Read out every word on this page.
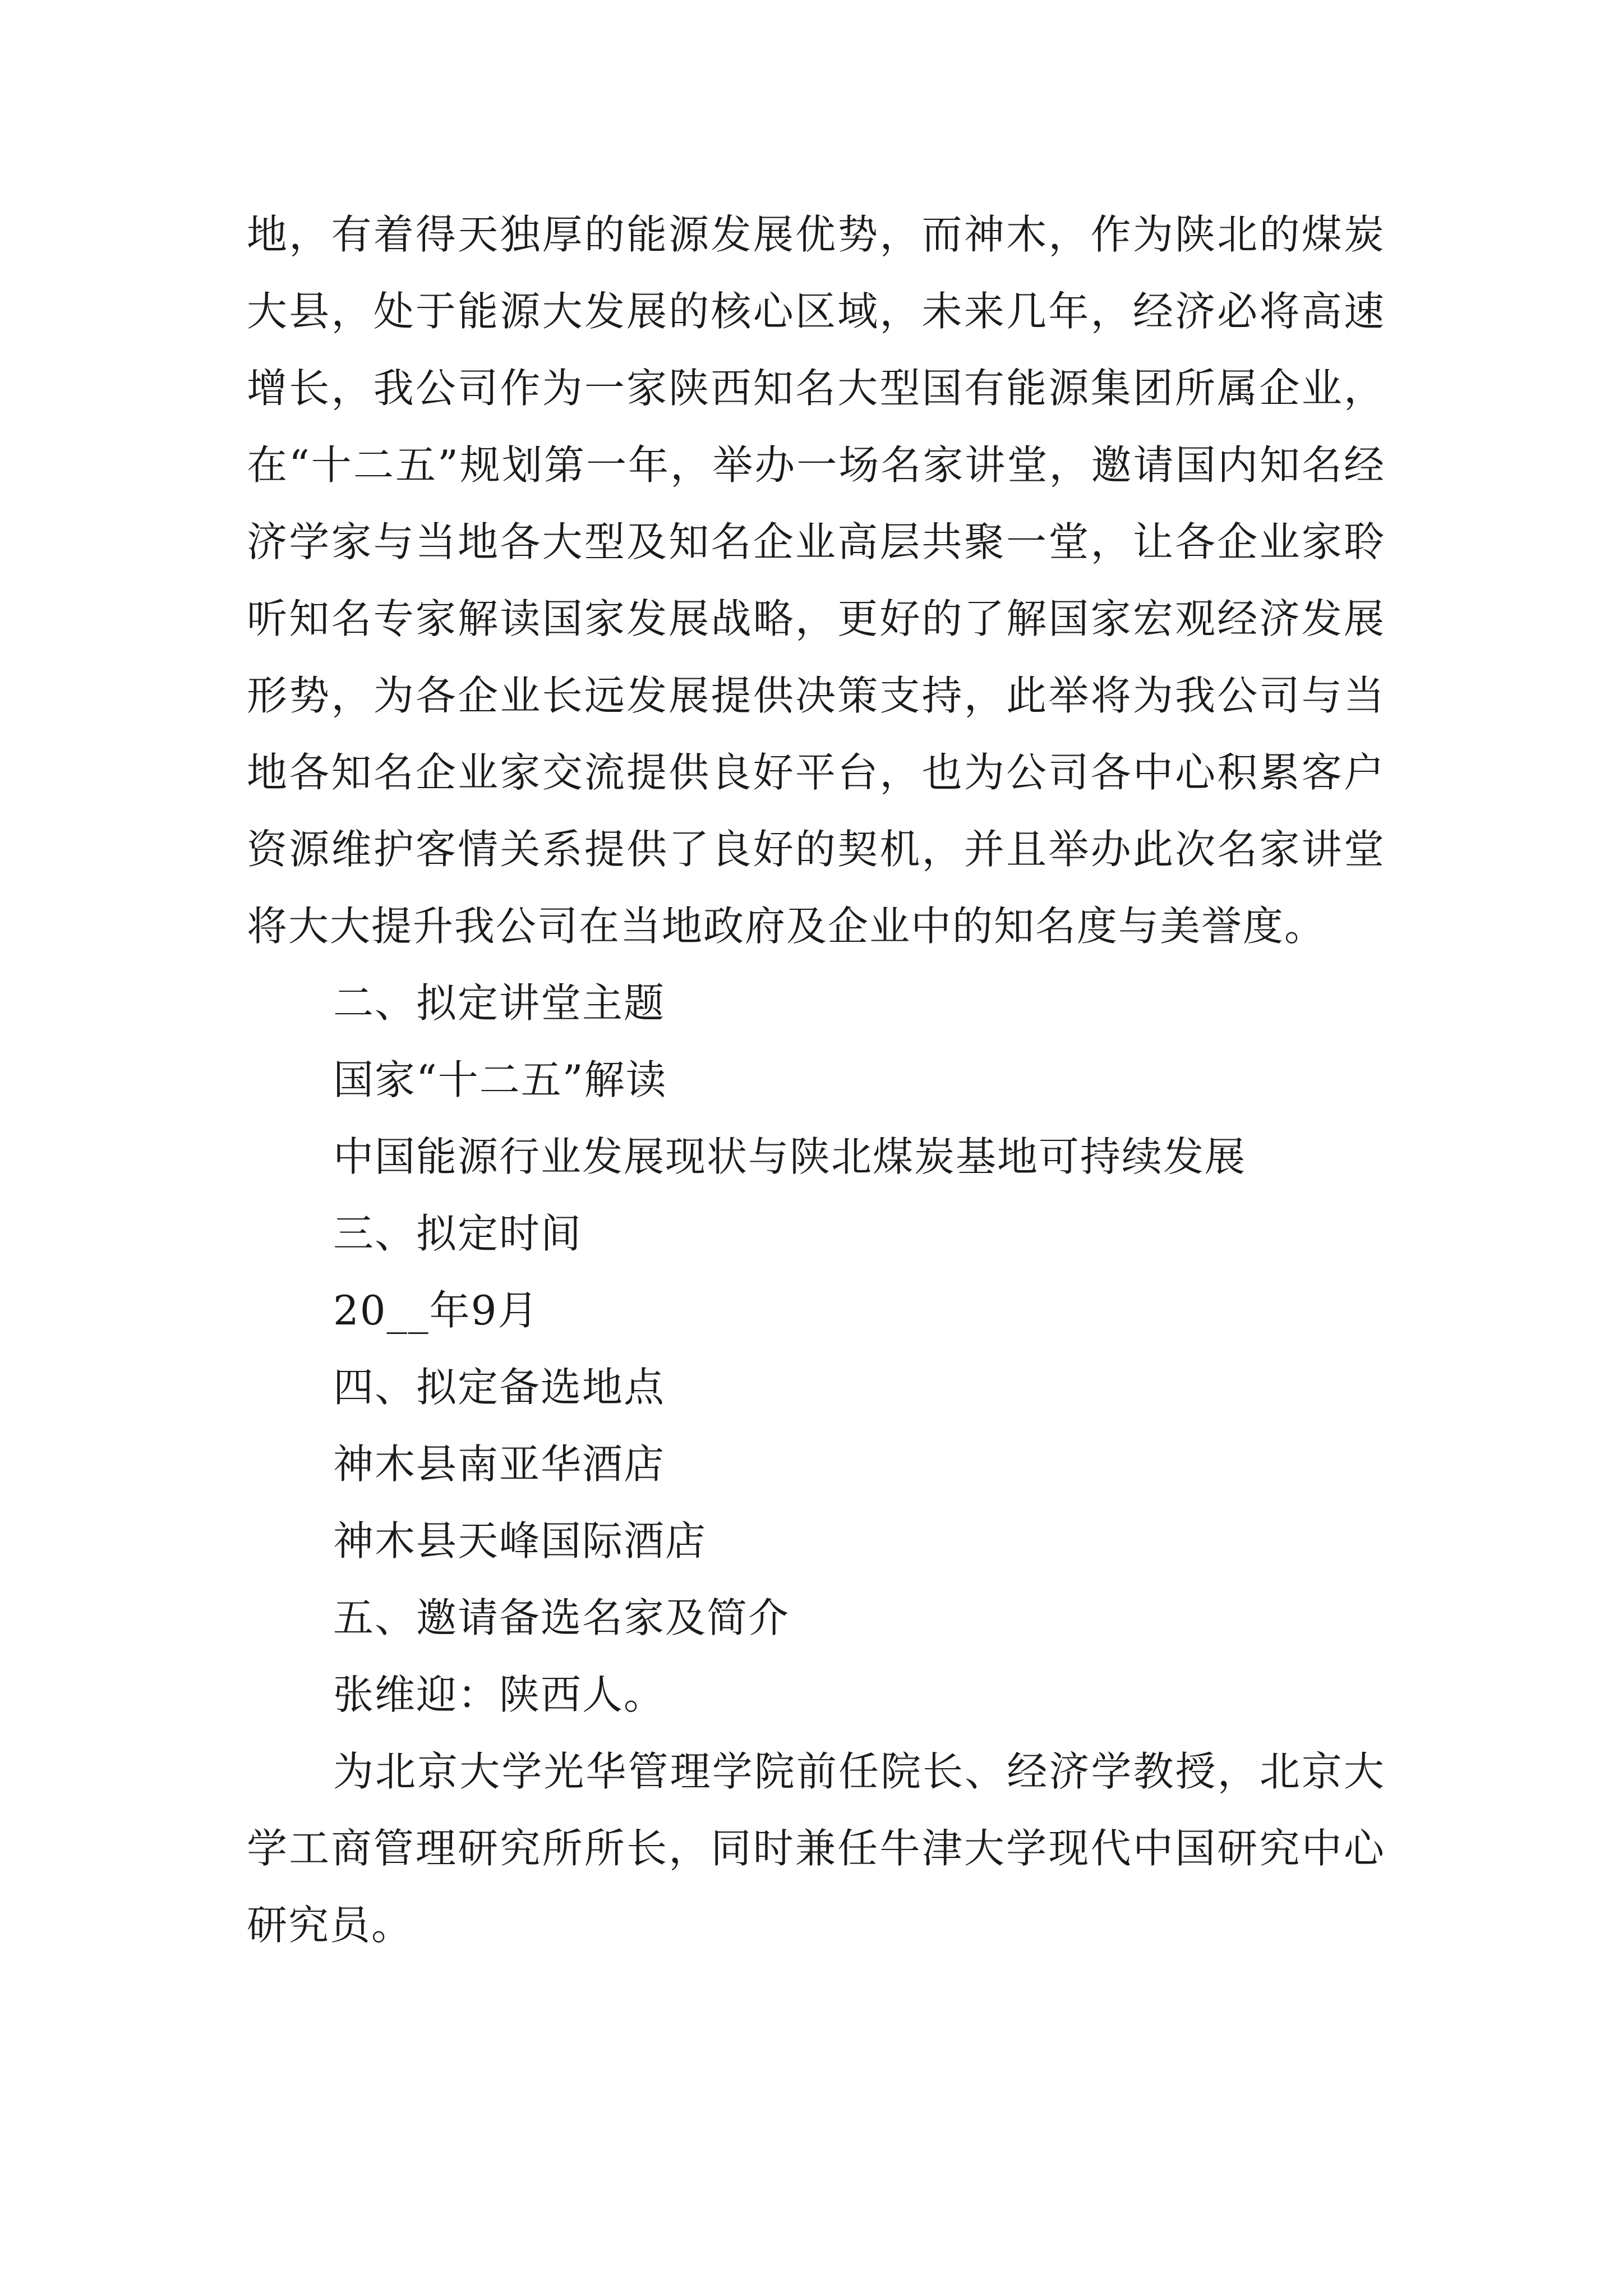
地，有着得天独厚的能源发展优势，而神木，作为陕北的煤炭大县，处于能源大发展的核心区域，未来几年，经济必将高速增长，我公司作为一家陕西知名大型国有能源集团所属企业，在“十二五”规划第一年，举办一场名家讲堂，邀请国内知名经济学家与当地各大型及知名企业高层共聚一堂，让各企业家聆听知名专家解读国家发展战略，更好的了解国家宏观经济发展形势，为各企业长远发展提供决策支持，此举将为我公司与当地各知名企业家交流提供良好平台，也为公司各中心积累客户资源维护客情关系提供了良好的契机，并且举办此次名家讲堂将大大提升我公司在当地政府及企业中的知名度与美誉度。

二、拟定讲堂主题

国家“十二五”解读

中国能源行业发展现状与陕北煤炭基地可持续发展

三、拟定时间

20__年9月

四、拟定备选地点

神木县南亚华酒店

神木县天峰国际酒店

五、邀请备选名家及简介

张维迎：陕西人。

为北京大学光华管理学院前任院长、经济学教授，北京大学工商管理研究所所长，同时兼任牛津大学现代中国研究中心研究员。
